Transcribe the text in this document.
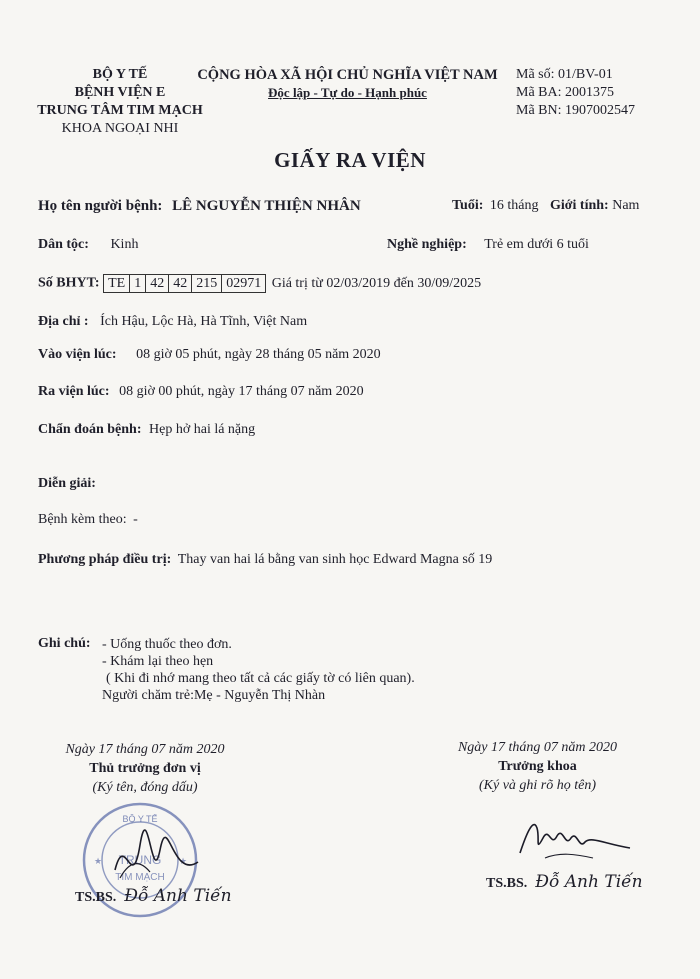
BỘ Y TẾ
BỆNH VIỆN E
TRUNG TÂM TIM MẠCH
KHOA NGOẠI NHI
CỘNG HÒA XÃ HỘI CHỦ NGHĨA VIỆT NAM
Độc lập - Tự do - Hạnh phúc
Mã số: 01/BV-01
Mã BA: 2001375
Mã BN: 1907002547
GIẤY RA VIỆN
Họ tên người bệnh: LÊ NGUYỄN THIỆN NHÂN	Tuổi: 16 tháng Giới tính: Nam
Dân tộc: Kinh	Nghề nghiệp: Trẻ em dưới 6 tuổi
Số BHYT: TE 1 42 42 215 02971 Giá trị từ 02/03/2019 đến 30/09/2025
Địa chỉ : Ích Hậu, Lộc Hà, Hà Tĩnh, Việt Nam
Vào viện lúc: 08 giờ 05 phút, ngày 28 tháng 05 năm 2020
Ra viện lúc: 08 giờ 00 phút, ngày 17 tháng 07 năm 2020
Chẩn đoán bệnh: Hẹp hở hai lá nặng
Diễn giải:
Bệnh kèm theo: -
Phương pháp điều trị: Thay van hai lá bằng van sinh học Edward Magna số 19
Ghi chú: - Uống thuốc theo đơn.
- Khám lại theo hẹn
( Khi đi nhớ mang theo tất cả các giấy tờ có liên quan).
Người chăm trẻ:Mẹ - Nguyễn Thị Nhàn
Ngày 17 tháng 07 năm 2020
Thủ trưởng đơn vị
(Ký tên, đóng dấu)
BỘ Y TẾ
TRUNG
TIM MẠCH
★	★
TS.BS. Đỗ Anh Tiến
Ngày 17 tháng 07 năm 2020
Trưởng khoa
(Ký và ghi rõ họ tên)
TS.BS. Đỗ Anh Tiến
